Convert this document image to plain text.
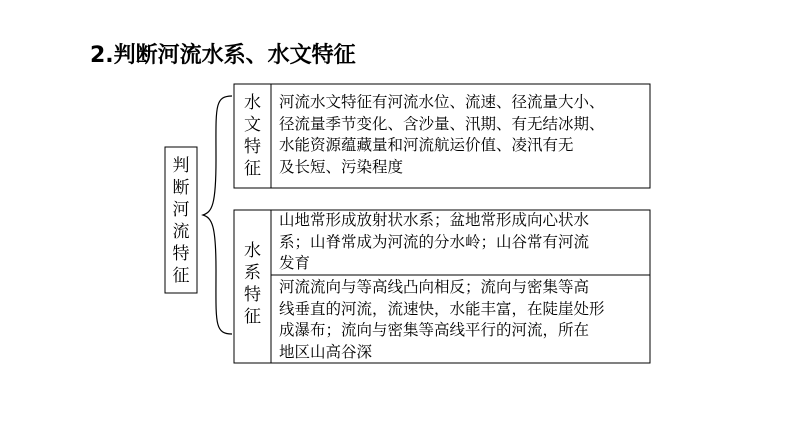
2.判断河流水系、水文特征
判
断
河
流
特
征
水
文
特
征
河流水文特征有河流水位、流速、径流量大小、
径流量季节变化、含沙量、汛期、有无结冰期、
水能资源蕴藏量和河流航运价值、凌汛有无
及长短、污染程度
水
系
特
征
山地常形成放射状水系；盆地常形成向心状水
系；山脊常成为河流的分水岭；山谷常有河流
发育
河流流向与等高线凸向相反；流向与密集等高
线垂直的河流，流速快，水能丰富，在陡崖处形
成瀑布；流向与密集等高线平行的河流，所在
地区山高谷深
